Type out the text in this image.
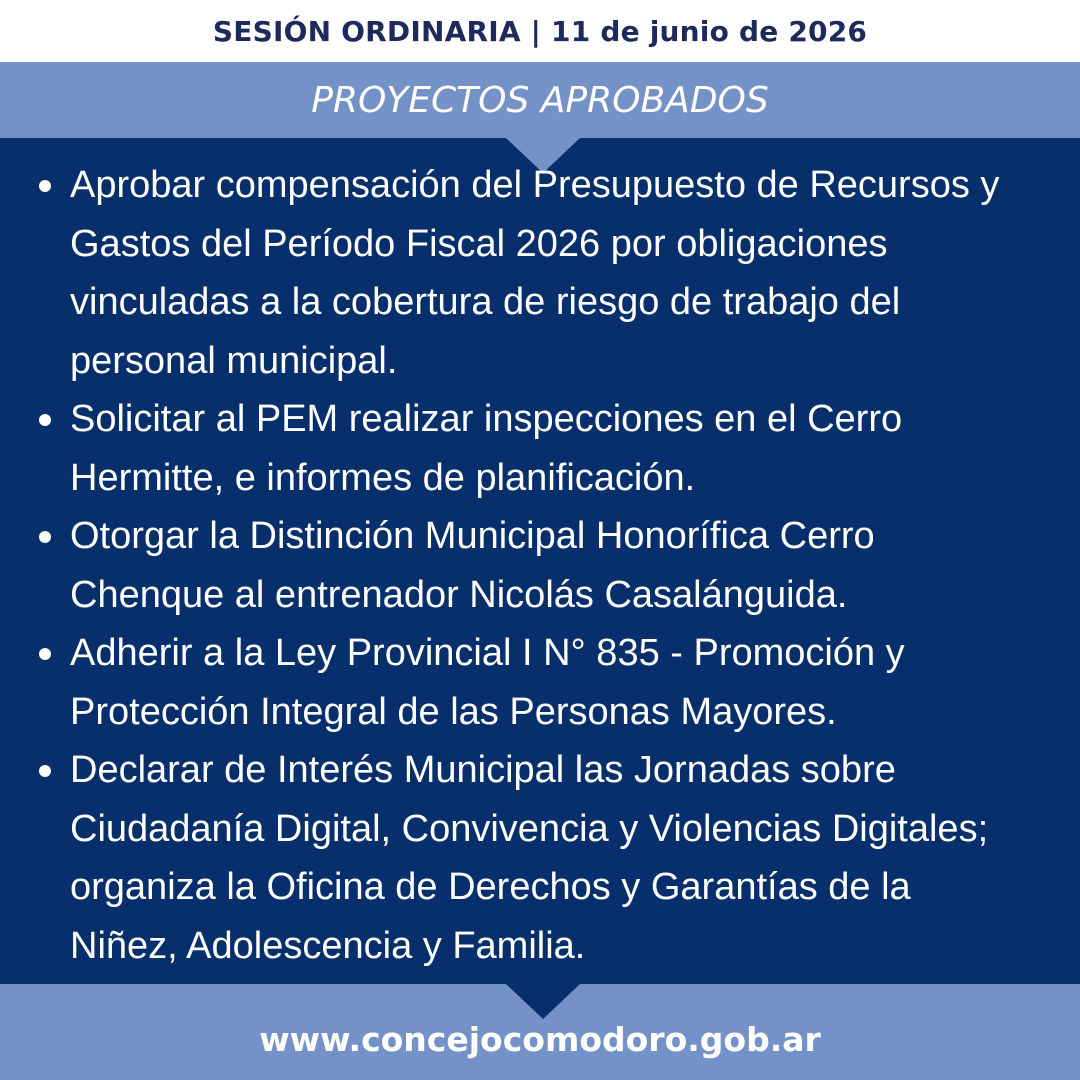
SESIÓN ORDINARIA | 11 de junio de 2026
PROYECTOS APROBADOS
Aprobar compensación del Presupuesto de Recursos y Gastos del Período Fiscal 2026 por obligaciones vinculadas a la cobertura de riesgo de trabajo del personal municipal.
Solicitar al PEM realizar inspecciones en el Cerro Hermitte, e informes de planificación.
Otorgar la Distinción Municipal Honorífica Cerro Chenque al entrenador Nicolás Casalánguida.
Adherir a la Ley Provincial I N° 835 - Promoción y Protección Integral de las Personas Mayores.
Declarar de Interés Municipal las Jornadas sobre Ciudadanía Digital, Convivencia y Violencias Digitales; organiza la Oficina de Derechos y Garantías de la Niñez, Adolescencia y Familia.
www.concejocomodoro.gob.ar
